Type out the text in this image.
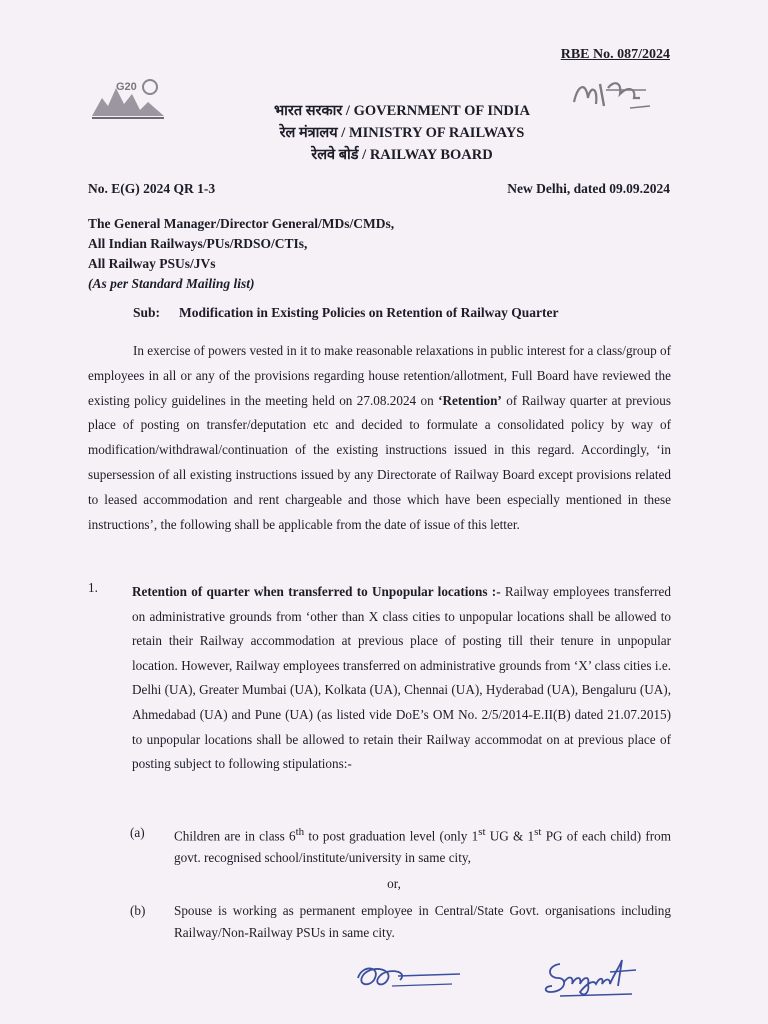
RBE No. 087/2024
G20
भारत सरकार / GOVERNMENT OF INDIA
रेल मंत्रालय / MINISTRY OF RAILWAYS
रेलवे बोर्ड / RAILWAY BOARD
No. E(G) 2024 QR 1-3	New Delhi, dated 09.09.2024
The General Manager/Director General/MDs/CMDs,
All Indian Railways/PUs/RDSO/CTIs,
All Railway PSUs/JVs
(As per Standard Mailing list)
Sub: Modification in Existing Policies on Retention of Railway Quarter

In exercise of powers vested in it to make reasonable relaxations in public interest for a class/group of employees in all or any of the provisions regarding house retention/allotment, Full Board have reviewed the existing policy guidelines in the meeting held on 27.08.2024 on ‘Retention’ of Railway quarter at previous place of posting on transfer/deputation etc and decided to formulate a consolidated policy by way of modification/withdrawal/continuation of the existing instructions issued in this regard. Accordingly, ‘in supersession of all existing instructions issued by any Directorate of Railway Board except provisions related to leased accommodation and rent chargeable and those which have been especially mentioned in these instructions’, the following shall be applicable from the date of issue of this letter.

1.	Retention of quarter when transferred to Unpopular locations :- Railway employees transferred on administrative grounds from ‘other than X class cities to unpopular locations shall be allowed to retain their Railway accommodation at previous place of posting till their tenure in unpopular location. However, Railway employees transferred on administrative grounds from ‘X’ class cities i.e. Delhi (UA), Greater Mumbai (UA), Kolkata (UA), Chennai (UA), Hyderabad (UA), Bengaluru (UA), Ahmedabad (UA) and Pune (UA) (as listed vide DoE’s OM No. 2/5/2014-E.II(B) dated 21.07.2015) to unpopular locations shall be allowed to retain their Railway accommodat on at previous place of posting subject to following stipulations:-
(a) Children are in class 6th to post graduation level (only 1st UG & 1st PG of each child) from govt. recognised school/institute/university in same city,
or,
(b) Spouse is working as permanent employee in Central/State Govt. organisations including Railway/Non-Railway PSUs in same city.
